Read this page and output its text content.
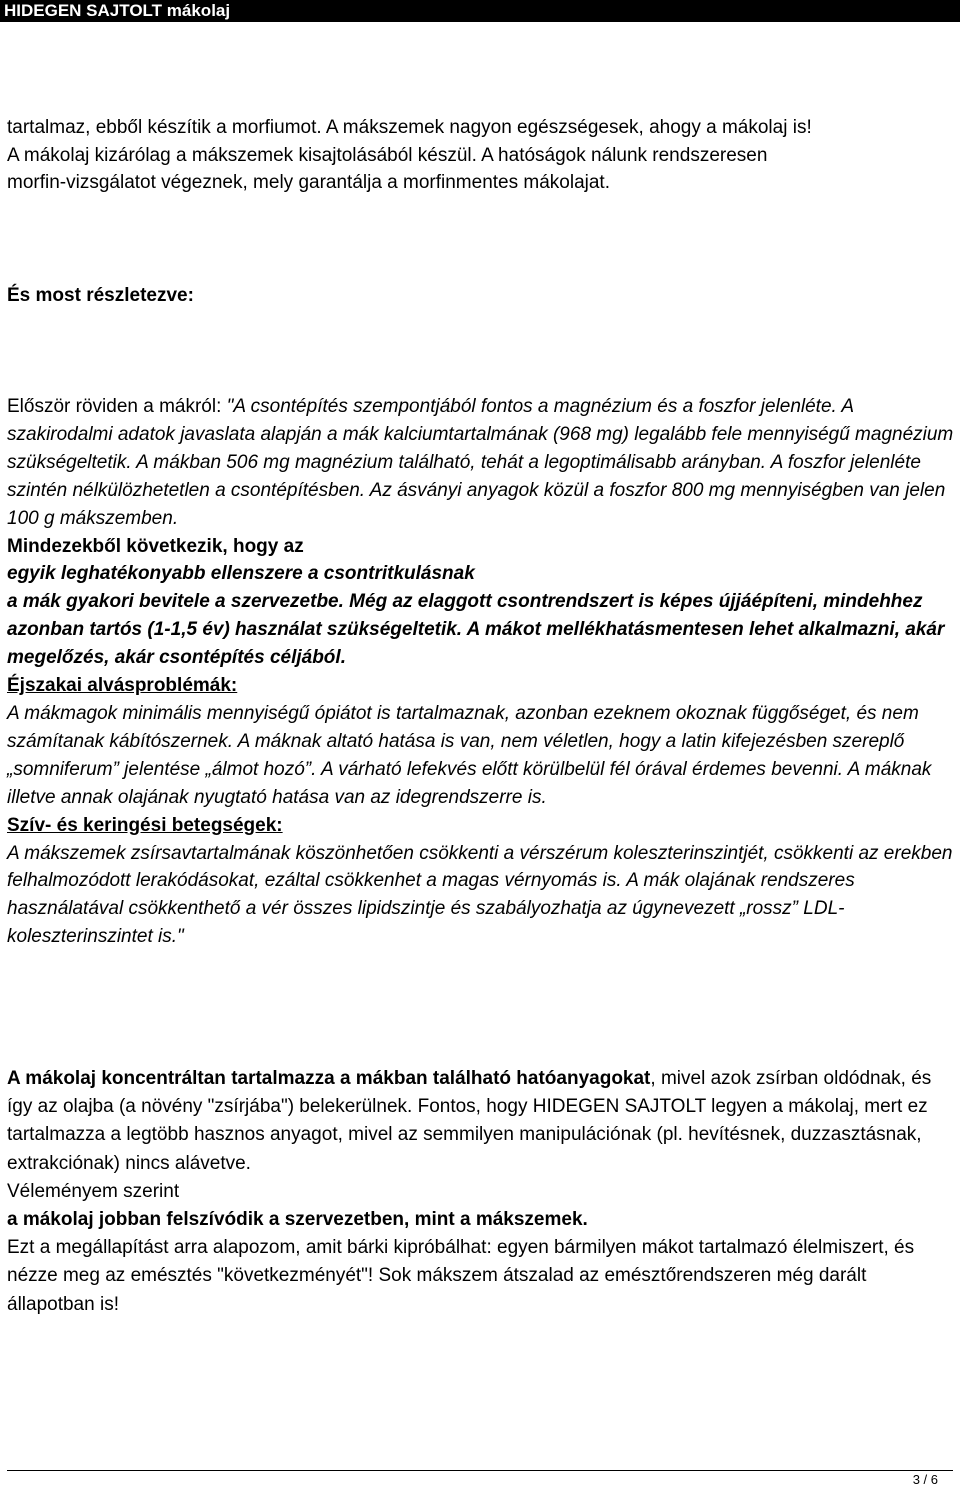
HIDEGEN SAJTOLT mákolaj

tartalmaz, ebből készítik a morfiumot. A mákszemek nagyon egészségesek, ahogy a mákolaj is!
A mákolaj kizárólag a mákszemek kisajtolásából készül. A hatóságok nálunk rendszeresen
morfin-vizsgálatot végeznek, mely garantálja a morfinmentes mákolajat.

És most részletezve:

Először röviden a mákról: "A csontépítés szempontjából fontos a magnézium és a foszfor jelenléte. A szakirodalmi adatok javaslata alapján a mák kalciumtartalmának (968 mg) legalább fele mennyiségű magnézium szükségeltetik. A mákban 506 mg magnézium található, tehát a legoptimálisabb arányban. A foszfor jelenléte szintén nélkülözhetetlen a csontépítésben. Az ásványi anyagok közül a foszfor 800 mg mennyiségben van jelen 100 g mákszemben.
Mindezekből következik, hogy az
egyik leghatékonyabb ellenszere a csontritkulásnak
a mák gyakori bevitele a szervezetbe. Még az elaggott csontrendszert is képes újjáépíteni, mindehhez azonban tartós (1-1,5 év) használat szükségeltetik. A mákot mellékhatásmentesen lehet alkalmazni, akár megelőzés, akár csontépítés céljából.
Éjszakai alvásproblémák:
A mákmagok minimális mennyiségű ópiátot is tartalmaznak, azonban ezeknem okoznak függőséget, és nem számítanak kábítószernek. A máknak altató hatása is van, nem véletlen, hogy a latin kifejezésben szereplő „somniferum” jelentése „álmot hozó”. A várható lefekvés előtt körülbelül fél órával érdemes bevenni. A máknak illetve annak olajának nyugtató hatása van az idegrendszerre is.
Szív- és keringési betegségek:
A mákszemek zsírsavtartalmának köszönhetően csökkenti a vérszérum koleszterinszintjét, csökkenti az erekben felhalmozódott lerakódásokat, ezáltal csökkenhet a magas vérnyomás is. A mák olajának rendszeres használatával csökkenthető a vér összes lipidszintje és szabályozhatja az úgynevezett „rossz” LDL-koleszterinszintet is."
A mákolaj koncentráltan tartalmazza a mákban található hatóanyagokat, mivel azok zsírban oldódnak, és így az olajba (a növény "zsírjába") belekerülnek. Fontos, hogy HIDEGEN SAJTOLT legyen a mákolaj, mert ez tartalmazza a legtöbb hasznos anyagot, mivel az semmilyen manipulációnak (pl. hevítésnek, duzzasztásnak, extrakciónak) nincs alávetve.
Véleményem szerint
a mákolaj jobban felszívódik a szervezetben, mint a mákszemek.
Ezt a megállapítást arra alapozom, amit bárki kipróbálhat: egyen bármilyen mákot tartalmazó élelmiszert, és nézze meg az emésztés "következményét"! Sok mákszem átszalad az emésztőrendszeren még darált állapotban is!
3 / 6
